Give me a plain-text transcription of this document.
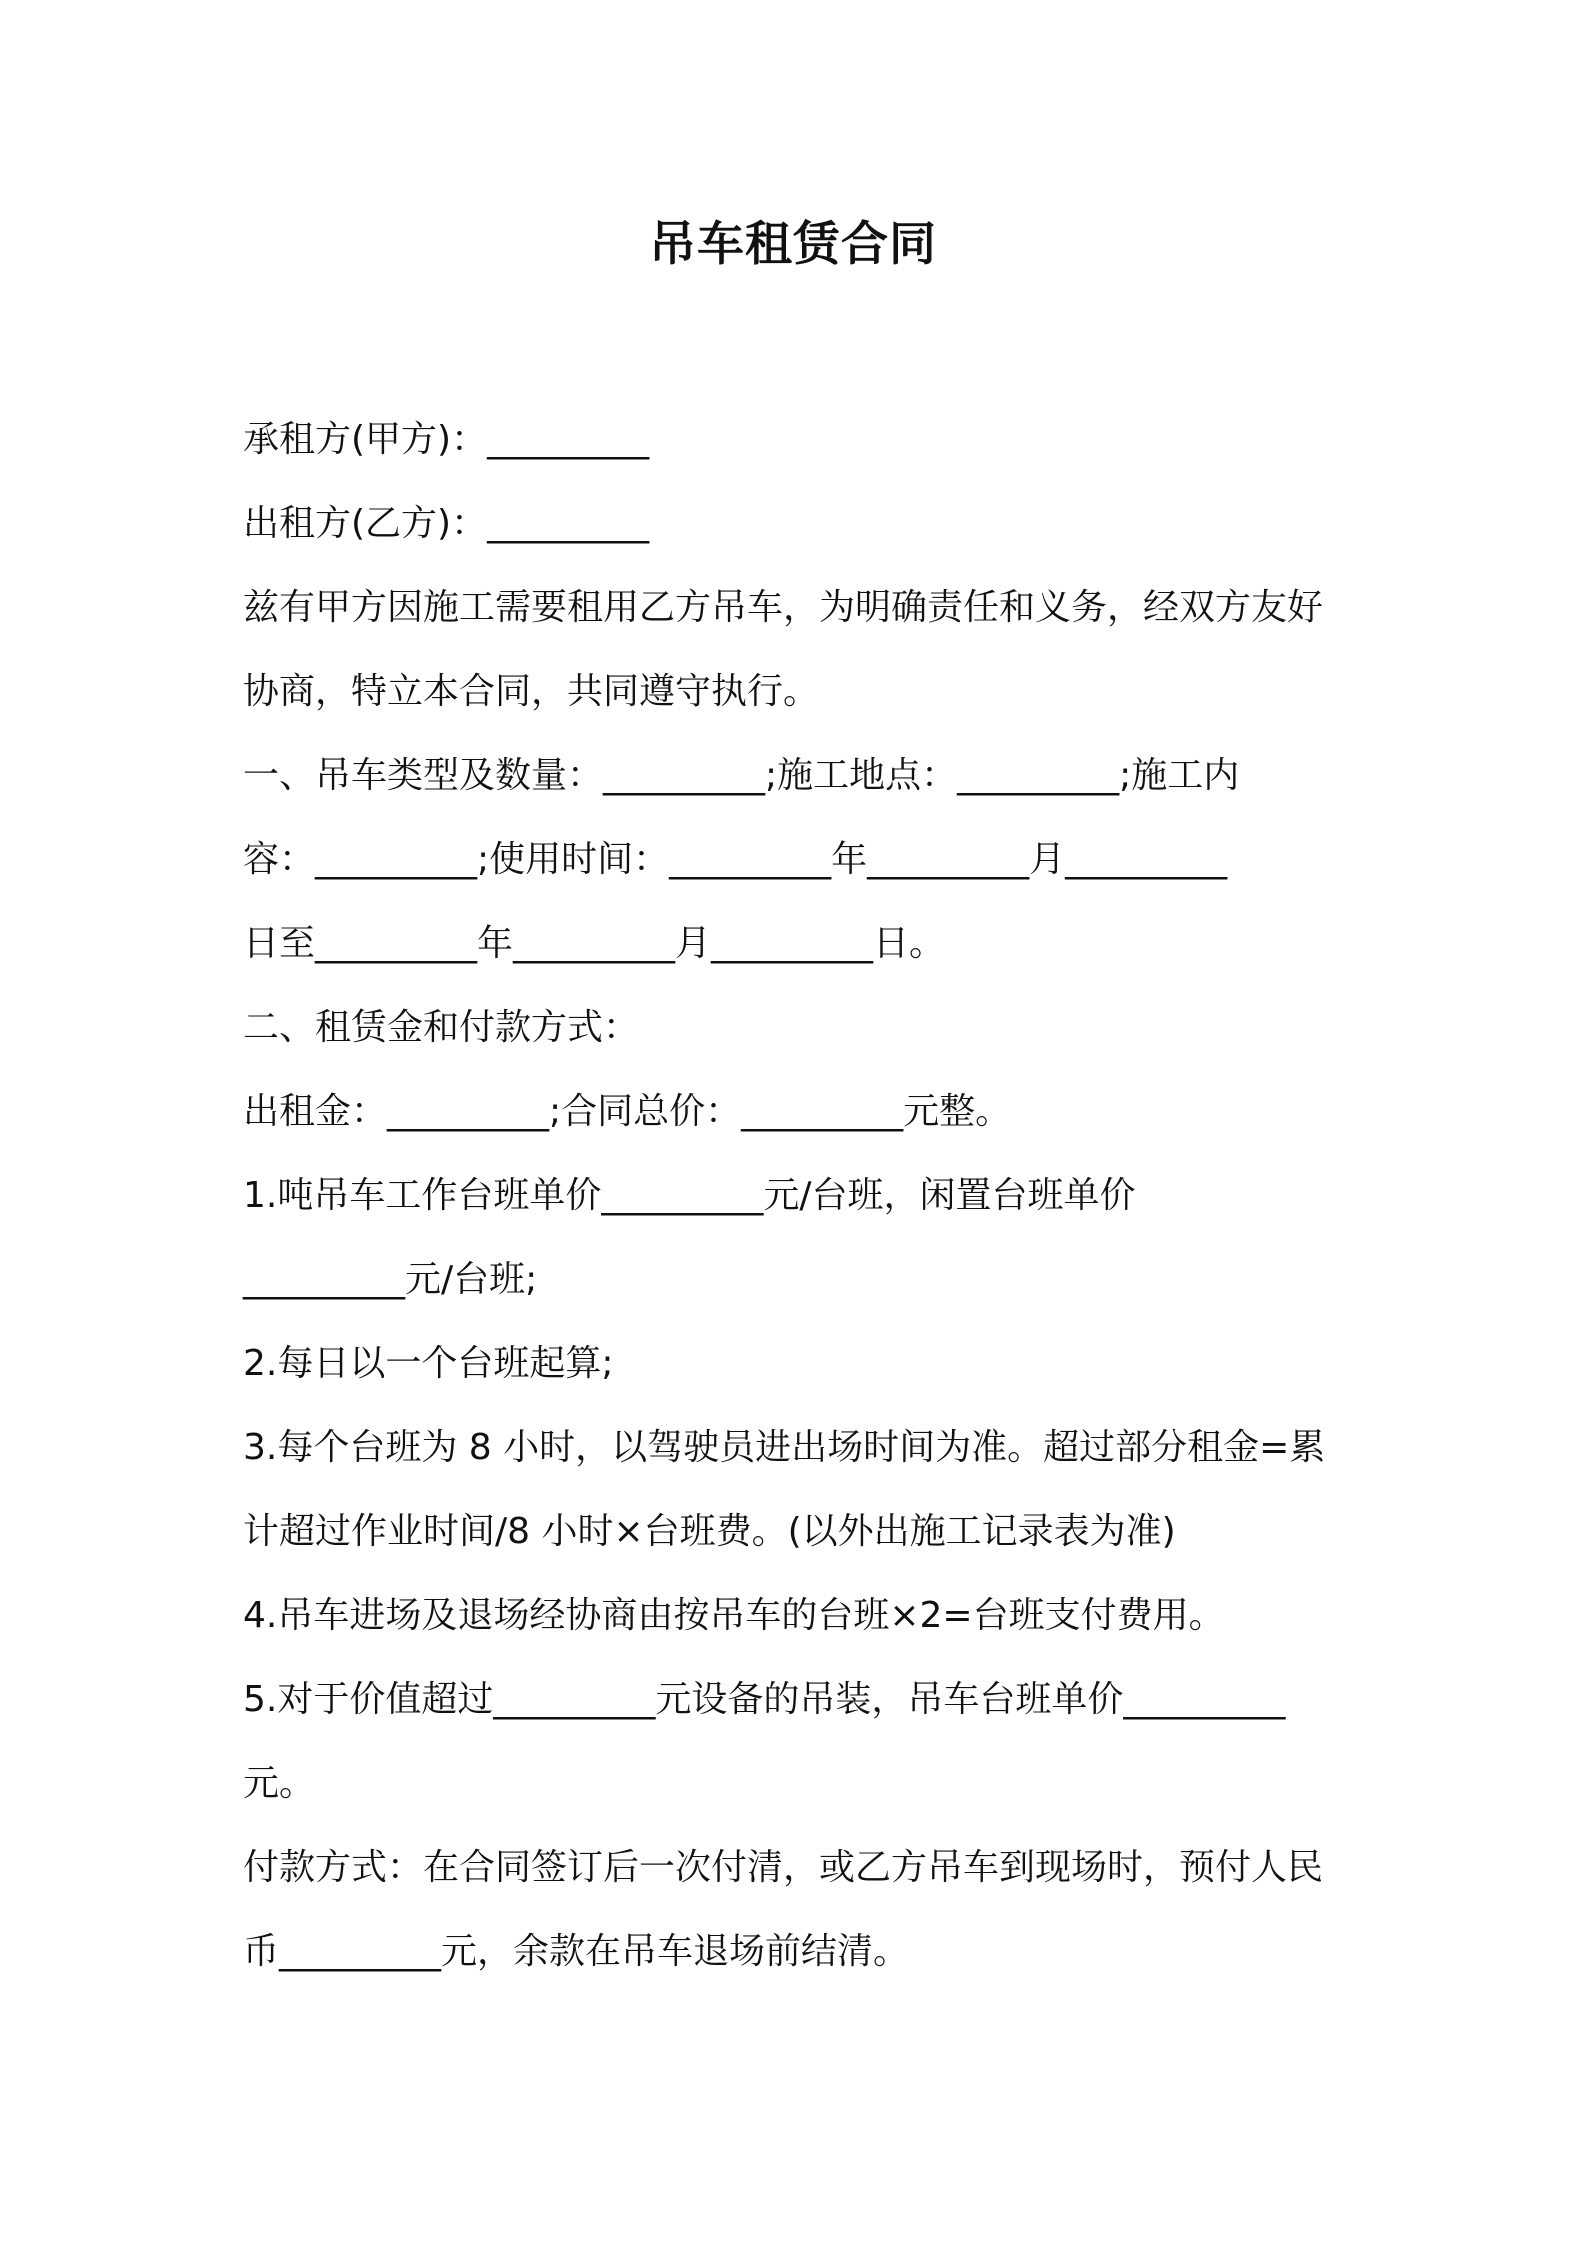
吊车租赁合同
承租方(甲方)：_________
出租方(乙方)：_________
兹有甲方因施工需要租用乙方吊车，为明确责任和义务，经双方友好
协商，特立本合同，共同遵守执行。
一、吊车类型及数量：_________;施工地点：_________;施工内
容：_________;使用时间：_________年_________月_________
日至_________年_________月_________日。
二、租赁金和付款方式：
出租金：_________;合同总价：_________元整。
1.吨吊车工作台班单价_________元/台班，闲置台班单价
_________元/台班;
2.每日以一个台班起算;
3.每个台班为 8 小时，以驾驶员进出场时间为准。超过部分租金=累
计超过作业时间/8 小时×台班费。(以外出施工记录表为准)
4.吊车进场及退场经协商由按吊车的台班×2=台班支付费用。
5.对于价值超过_________元设备的吊装，吊车台班单价_________
元。
付款方式：在合同签订后一次付清，或乙方吊车到现场时，预付人民
币_________元，余款在吊车退场前结清。
